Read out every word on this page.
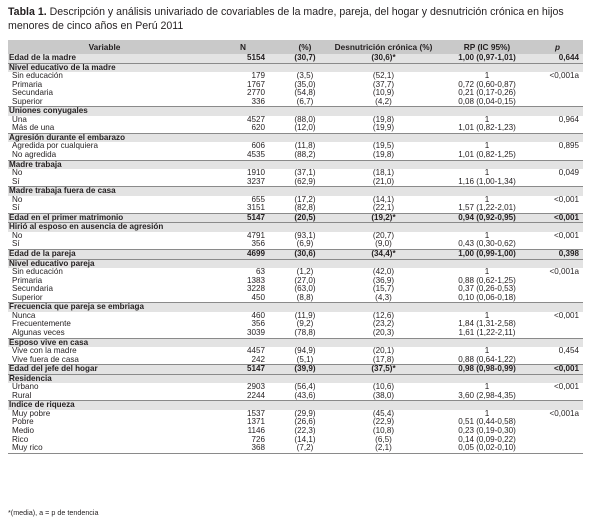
Tabla 1. Descripción y análisis univariado de covariables de la madre, pareja, del hogar y desnutrición crónica en hijos menores de cinco años en Perú 2011
Variable	N	(%)	Desnutrición crónica (%)	RP (IC 95%)	p
Edad de la madre	5154	(30,7)	(30,6)*	1,00 (0,97-1,01)	0,644
Nivel educativo de la madre					
Sin educación	179	(3,5)	(52,1)	1	<0,001a
Primaria	1767	(35,0)	(37,7)	0,72 (0,60-0,87)	
Secundaria	2770	(54,8)	(10,9)	0,21 (0,17-0,26)	
Superior	336	(6,7)	(4,2)	0,08 (0,04-0,15)	
Uniones conyugales					
Una	4527	(88,0)	(19,8)	1	0,964
Más de una	620	(12,0)	(19,9)	1,01 (0,82-1,23)	
Agresión durante el embarazo					
Agredida por cualquiera	606	(11,8)	(19,5)	1	0,895
No agredida	4535	(88,2)	(19,8)	1,01 (0,82-1,25)	
Madre trabaja					
No	1910	(37,1)	(18,1)	1	0,049
Sí	3237	(62,9)	(21,0)	1,16 (1,00-1,34)	
Madre trabaja fuera de casa					
No	655	(17,2)	(14,1)	1	<0,001
Sí	3151	(82,8)	(22,1)	1,57 (1,22-2,01)	
Edad en el primer matrimonio	5147	(20,5)	(19,2)*	0,94 (0,92-0,95)	<0,001
Hirió al esposo en ausencia de agresión					
No	4791	(93,1)	(20,7)	1	<0,001
Sí	356	(6,9)	(9,0)	0,43 (0,30-0,62)	
Edad de la pareja	4699	(30,6)	(34,4)*	1,00 (0,99-1,00)	0,398
Nivel educativo pareja					
Sin educación	63	(1,2)	(42,0)	1	<0,001a
Primaria	1383	(27,0)	(36,9)	0,88 (0,62-1,25)	
Secundaria	3228	(63,0)	(15,7)	0,37 (0,26-0,53)	
Superior	450	(8,8)	(4,3)	0,10 (0,06-0,18)	
Frecuencia que pareja se embriaga					
Nunca	460	(11,9)	(12,6)	1	<0,001
Frecuentemente	356	(9,2)	(23,2)	1,84 (1,31-2,58)	
Algunas veces	3039	(78,8)	(20,3)	1,61 (1,22-2,11)	
Esposo vive en casa					
Vive con la madre	4457	(94,9)	(20,1)	1	0,454
Vive fuera de casa	242	(5,1)	(17,8)	0,88 (0,64-1,22)	
Edad del jefe del hogar	5147	(39,9)	(37,5)*	0,98 (0,98-0,99)	<0,001
Residencia					
Urbano	2903	(56,4)	(10,6)	1	<0,001
Rural	2244	(43,6)	(38,0)	3,60 (2,98-4,35)	
Índice de riqueza					
Muy pobre	1537	(29,9)	(45,4)	1	<0,001a
Pobre	1371	(26,6)	(22,9)	0,51 (0,44-0,58)	
Medio	1146	(22,3)	(10,8)	0,23 (0,19-0,30)	
Rico	726	(14,1)	(6,5)	0,14 (0,09-0,22)	
Muy rico	368	(7,2)	(2,1)	0,05 (0,02-0,10)	
*(media), a = p de tendencia
